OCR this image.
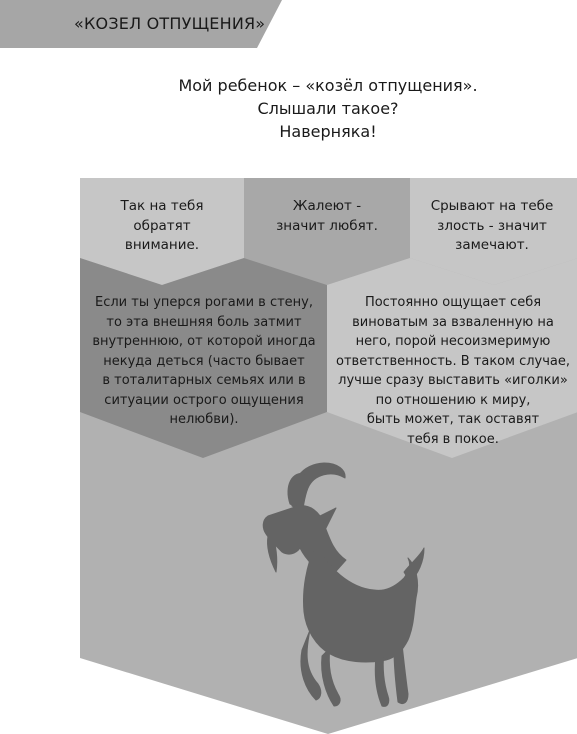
«КОЗЕЛ ОТПУЩЕНИЯ»
Мой ребенок – «козёл отпущения».
Слышали такое?
Наверняка!
Так на тебя
обратят
внимание.
Жалеют -
значит любят.
Срывают на тебе
злость - значит
замечают.
Если ты уперся рогами в стену,
то эта внешняя боль затмит
внутреннюю, от которой иногда
некуда деться (часто бывает
в тоталитарных семьях или в
ситуации острого ощущения
нелюбви).
Постоянно ощущает себя
виноватым за взваленную на
него, порой несоизмеримую
ответственность. В таком случае,
лучше сразу выставить «иголки»
по отношению к миру,
быть может, так оставят
тебя в покое.
